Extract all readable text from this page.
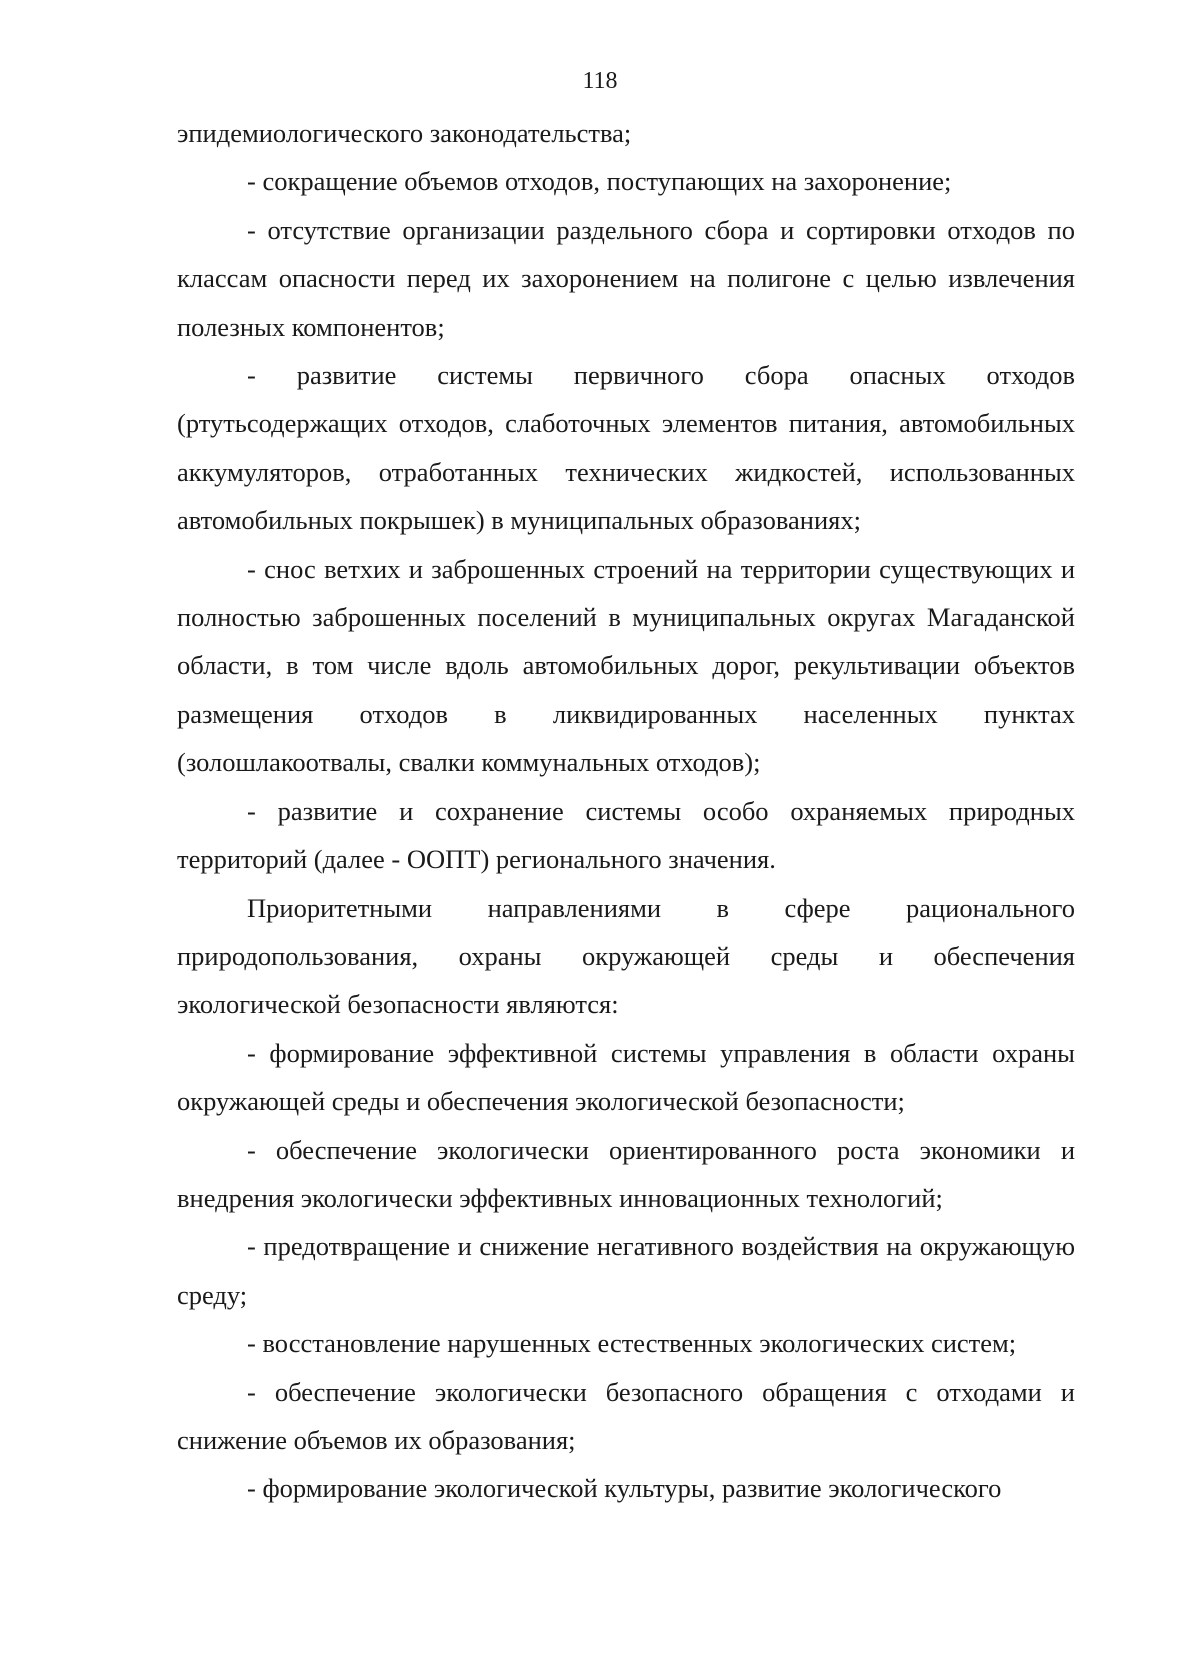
118

эпидемиологического законодательства;

- сокращение объемов отходов, поступающих на захоронение;

- отсутствие организации раздельного сбора и сортировки отходов по классам опасности перед их захоронением на полигоне с целью извлечения полезных компонентов;

- развитие системы первичного сбора опасных отходов (ртутьсодержащих отходов, слаботочных элементов питания, автомобильных аккумуляторов, отработанных технических жидкостей, использованных автомобильных покрышек) в муниципальных образованиях;

- снос ветхих и заброшенных строений на территории существующих и полностью заброшенных поселений в муниципальных округах Магаданской области, в том числе вдоль автомобильных дорог, рекультивации объектов размещения отходов в ликвидированных населенных пунктах (золошлакоотвалы, свалки коммунальных отходов);

- развитие и сохранение системы особо охраняемых природных территорий (далее - ООПТ) регионального значения.

Приоритетными направлениями в сфере рационального природопользования, охраны окружающей среды и обеспечения экологической безопасности являются:

- формирование эффективной системы управления в области охраны окружающей среды и обеспечения экологической безопасности;

- обеспечение экологически ориентированного роста экономики и внедрения экологически эффективных инновационных технологий;

- предотвращение и снижение негативного воздействия на окружающую среду;

- восстановление нарушенных естественных экологических систем;

- обеспечение экологически безопасного обращения с отходами и снижение объемов их образования;

- формирование экологической культуры, развитие экологического
